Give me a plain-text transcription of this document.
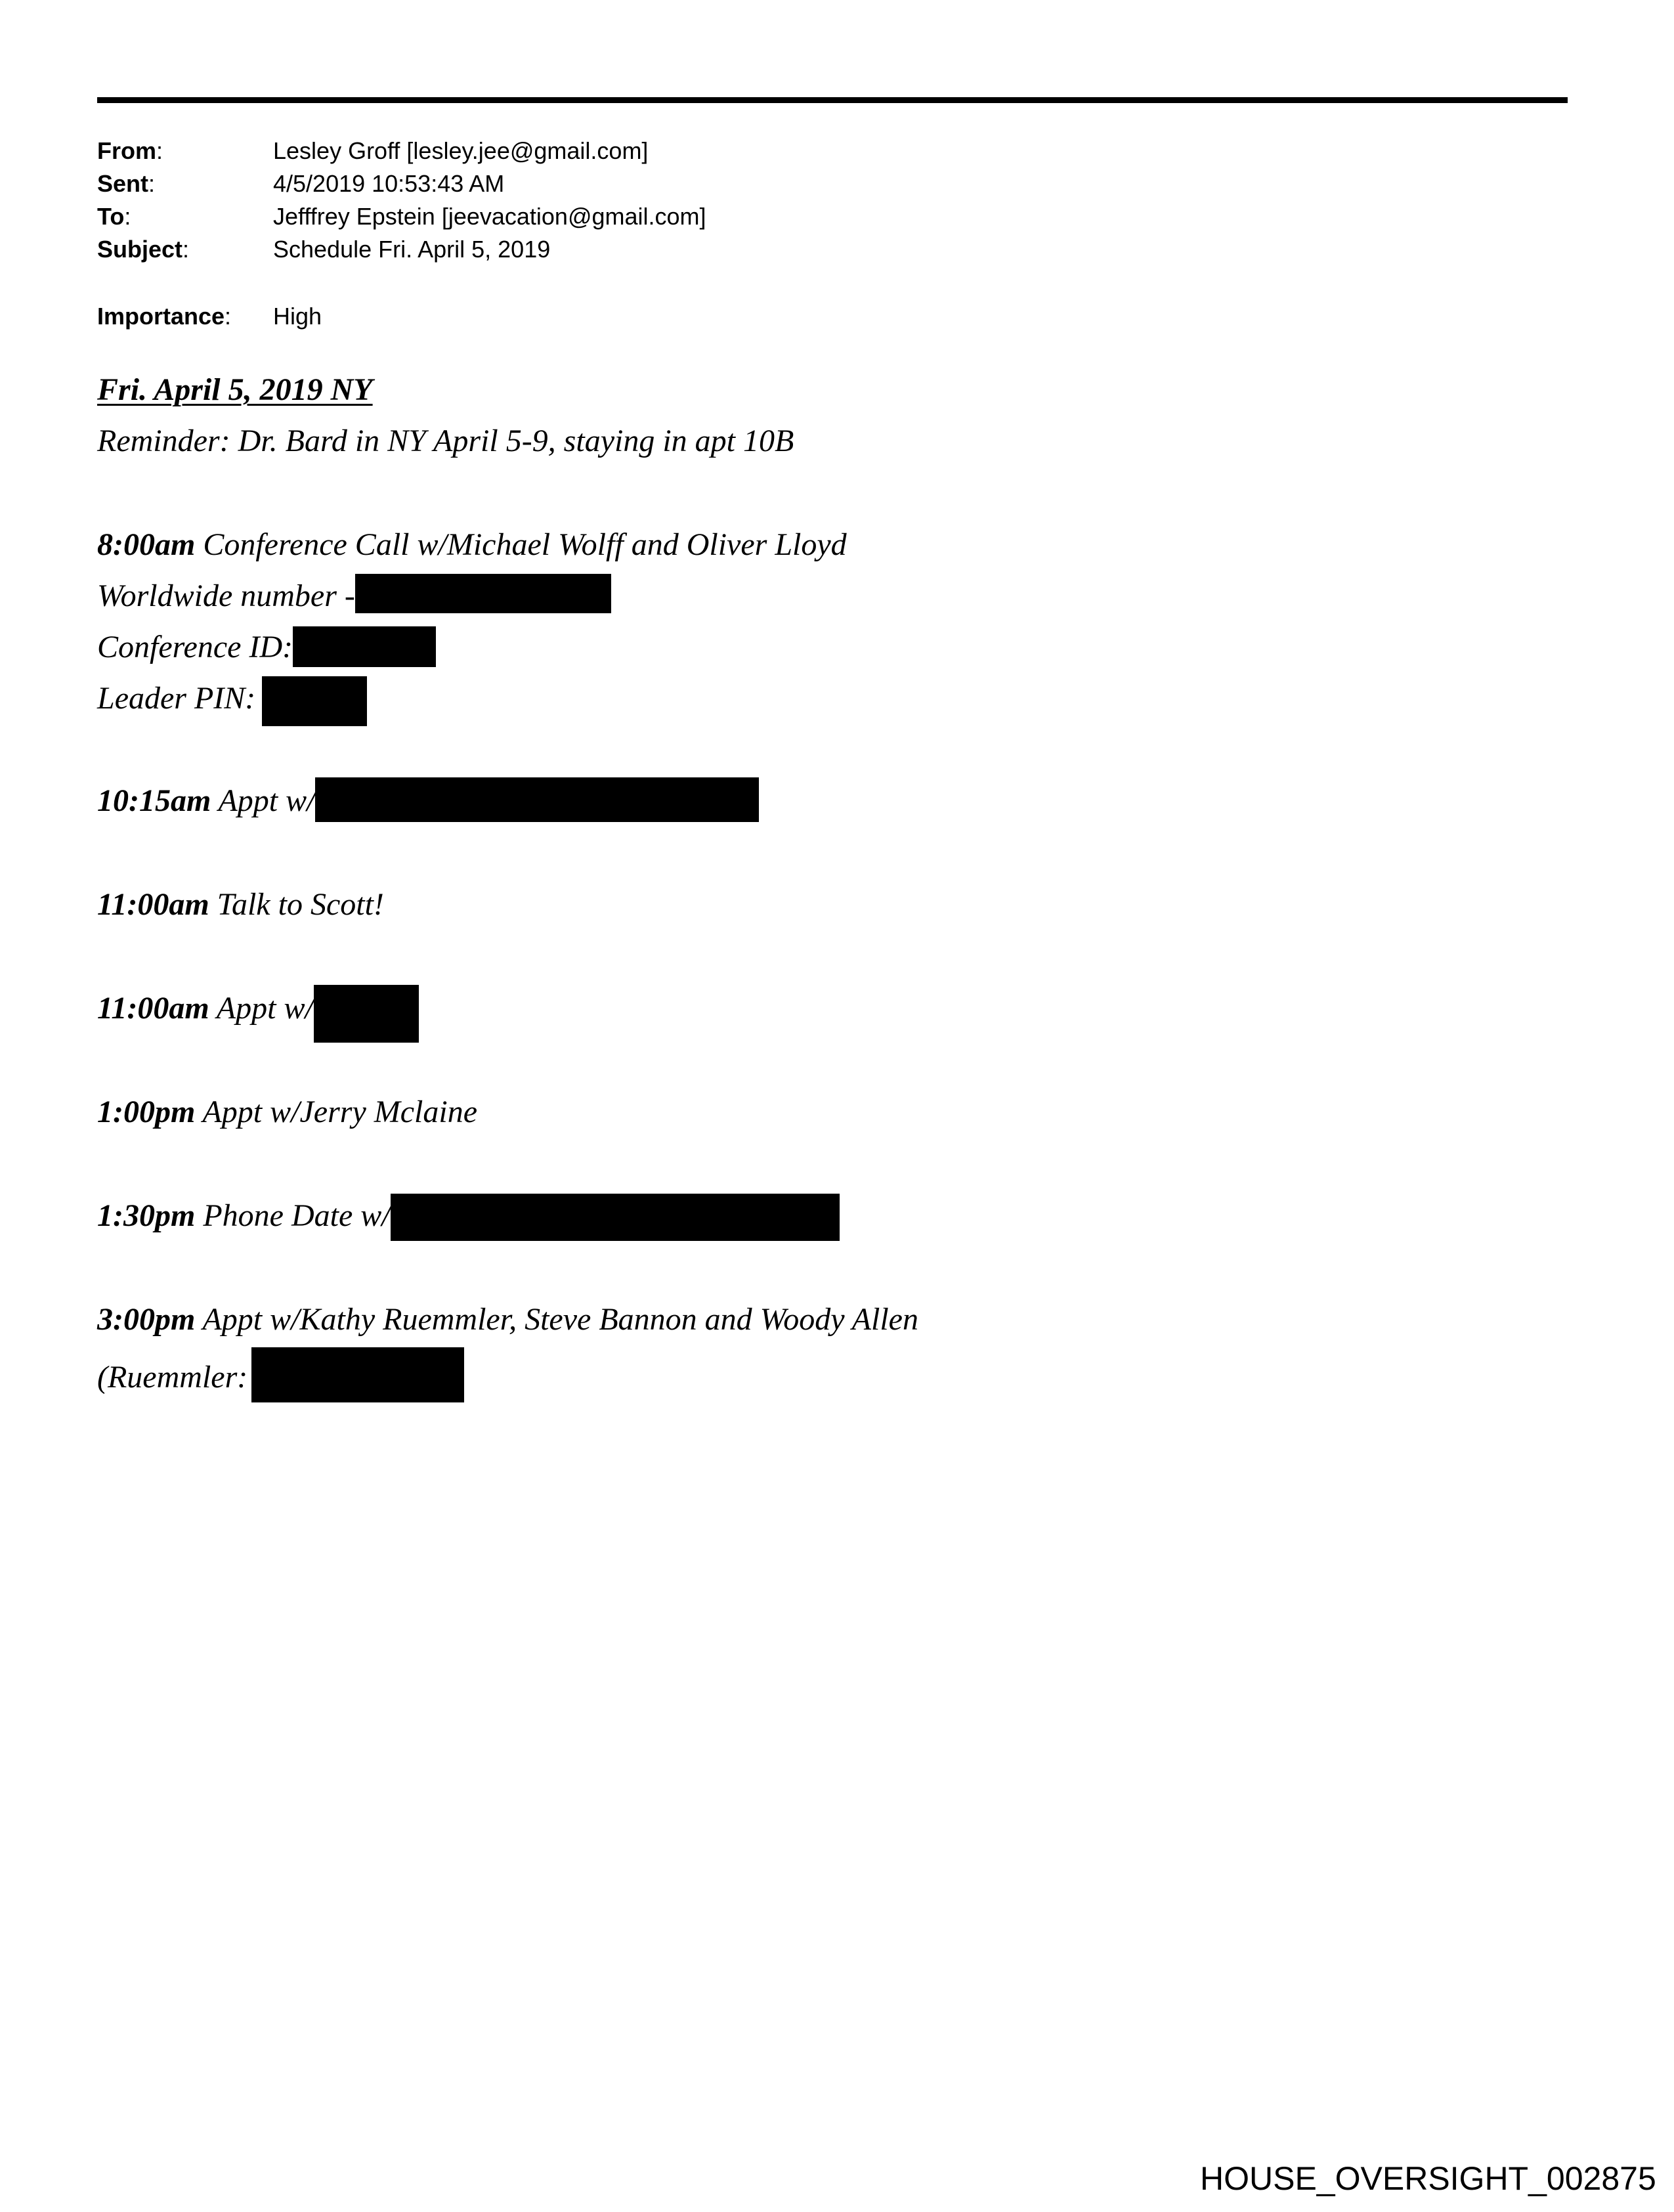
From:	Lesley Groff [lesley.jee@gmail.com]
Sent:	4/5/2019 10:53:43 AM
To:	Jefffrey Epstein [jeevacation@gmail.com]
Subject:	Schedule Fri. April 5, 2019
Importance: High
Fri. April 5, 2019 NY
Reminder: Dr. Bard in NY April 5-9, staying in apt 10B
8:00am Conference Call w/Michael Wolff and Oliver Lloyd
Worldwide number -
Conference ID:
Leader PIN:
10:15am Appt w/
11:00am Talk to Scott!
11:00am Appt w/
1:00pm Appt w/Jerry Mclaine
1:30pm Phone Date w/
3:00pm Appt w/Kathy Ruemmler, Steve Bannon and Woody Allen
(Ruemmler:
HOUSE_OVERSIGHT_002875
